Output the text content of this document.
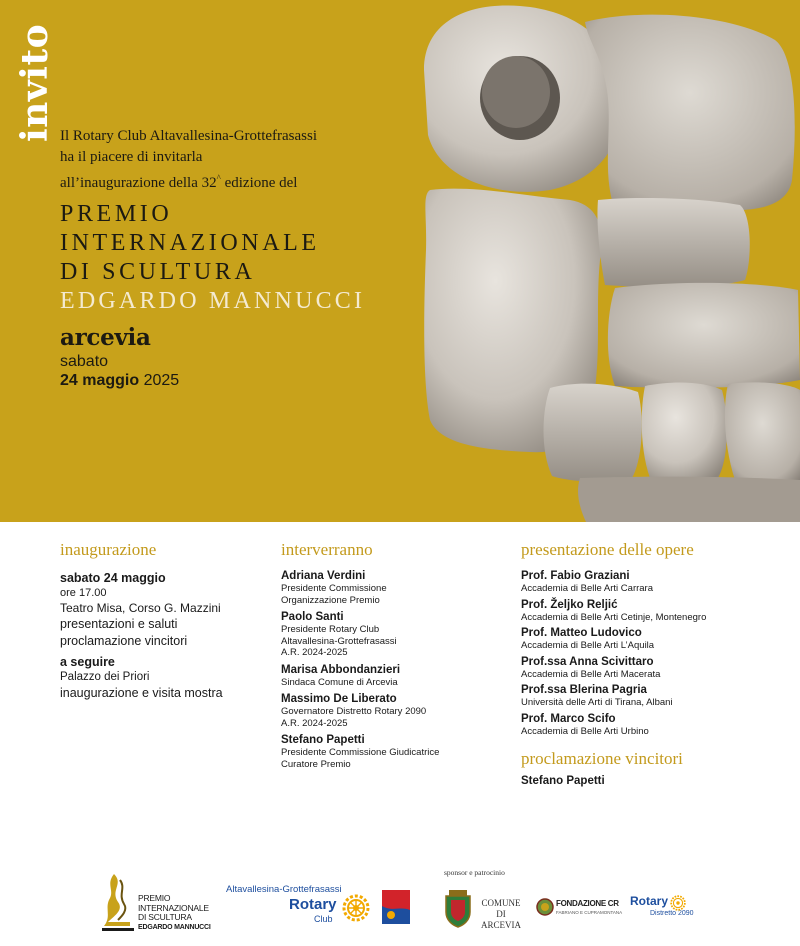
invito Il Rotary Club Altavallesina-Grottefrasassi
ha il piacere di invitarla
all’inaugurazione della 32^ edizione del
PREMIO
INTERNAZIONALE
DI SCULTURA
EDGARDO MANNUCCI
arcevia
sabato
24 maggio 2025
inaugurazione
sabato 24 maggio
ore 17.00
Teatro Misa, Corso G. Mazzini
presentazioni e saluti
proclamazione vincitori
a seguire
Palazzo dei Priori
inaugurazione e visita mostra
interverranno
Adriana Verdini
Presidente Commissione
Organizzazione Premio
Paolo Santi
Presidente Rotary Club
Altavallesina-Grottefrasassi
A.R. 2024-2025
Marisa Abbondanzieri
Sindaca Comune di Arcevia
Massimo De Liberato
Governatore Distretto Rotary 2090
A.R. 2024-2025
Stefano Papetti
Presidente Commissione Giudicatrice
Curatore Premio
presentazione delle opere
Prof. Fabio Graziani
Accademia di Belle Arti Carrara
Prof. Željko Reljić
Accademia di Belle Arti Cetinje, Montenegro
Prof. Matteo Ludovico
Accademia di Belle Arti L’Aquila
Prof.ssa Anna Scivittaro
Accademia di Belle Arti Macerata
Prof.ssa Blerina Pagria
Università delle Arti di Tirana, Albani
Prof. Marco Scifo
Accademia di Belle Arti Urbino
proclamazione vincitori
Stefano Papetti
PREMIO
INTERNAZIONALE
DI SCULTURA
EDGARDO MANNUCCI
Altavallesina-Grottefrasassi
Rotary
Club
sponsor e patrocinio
COMUNE DI
ARCEVIA
FONDAZIONE CR
FABRIANO E CUPRAMONTANA
Rotary
Distretto 2090
